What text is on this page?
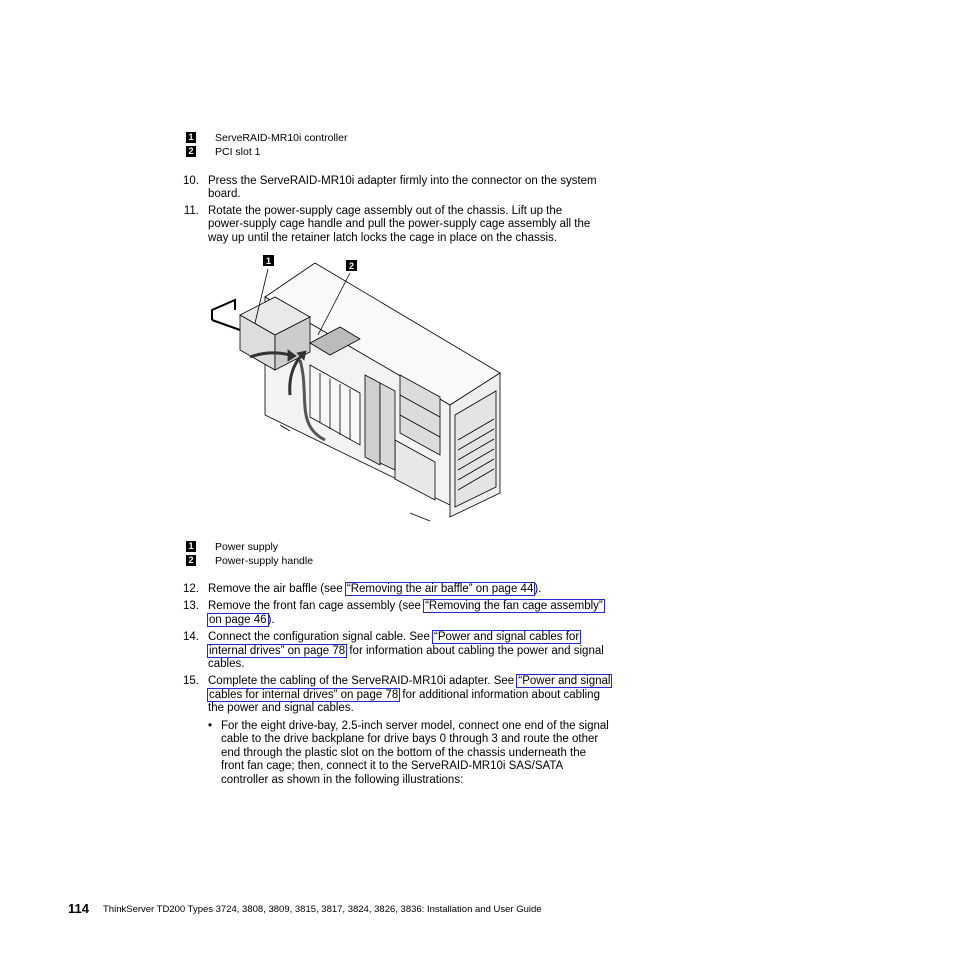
1 ServeRAID-MR10i controller
2 PCI slot 1
10. Press the ServeRAID-MR10i adapter firmly into the connector on the system
board.
11. Rotate the power-supply cage assembly out of the chassis. Lift up the
power-supply cage handle and pull the power-supply cage assembly all the
way up until the retainer latch locks the cage in place on the chassis.
1	2
1 Power supply
2 Power-supply handle
12. Remove the air baffle (see “Removing the air baffle” on page 44).
13. Remove the front fan cage assembly (see “Removing the fan cage assembly”
on page 46).
14. Connect the configuration signal cable. See “Power and signal cables for
internal drives” on page 78 for information about cabling the power and signal
cables.
15. Complete the cabling of the ServeRAID-MR10i adapter. See “Power and signal
cables for internal drives” on page 78 for additional information about cabling
the power and signal cables.
• For the eight drive-bay, 2.5-inch server model, connect one end of the signal
cable to the drive backplane for drive bays 0 through 3 and route the other
end through the plastic slot on the bottom of the chassis underneath the
front fan cage; then, connect it to the ServeRAID-MR10i SAS/SATA
controller as shown in the following illustrations:
114 ThinkServer TD200 Types 3724, 3808, 3809, 3815, 3817, 3824, 3826, 3836: Installation and User Guide
